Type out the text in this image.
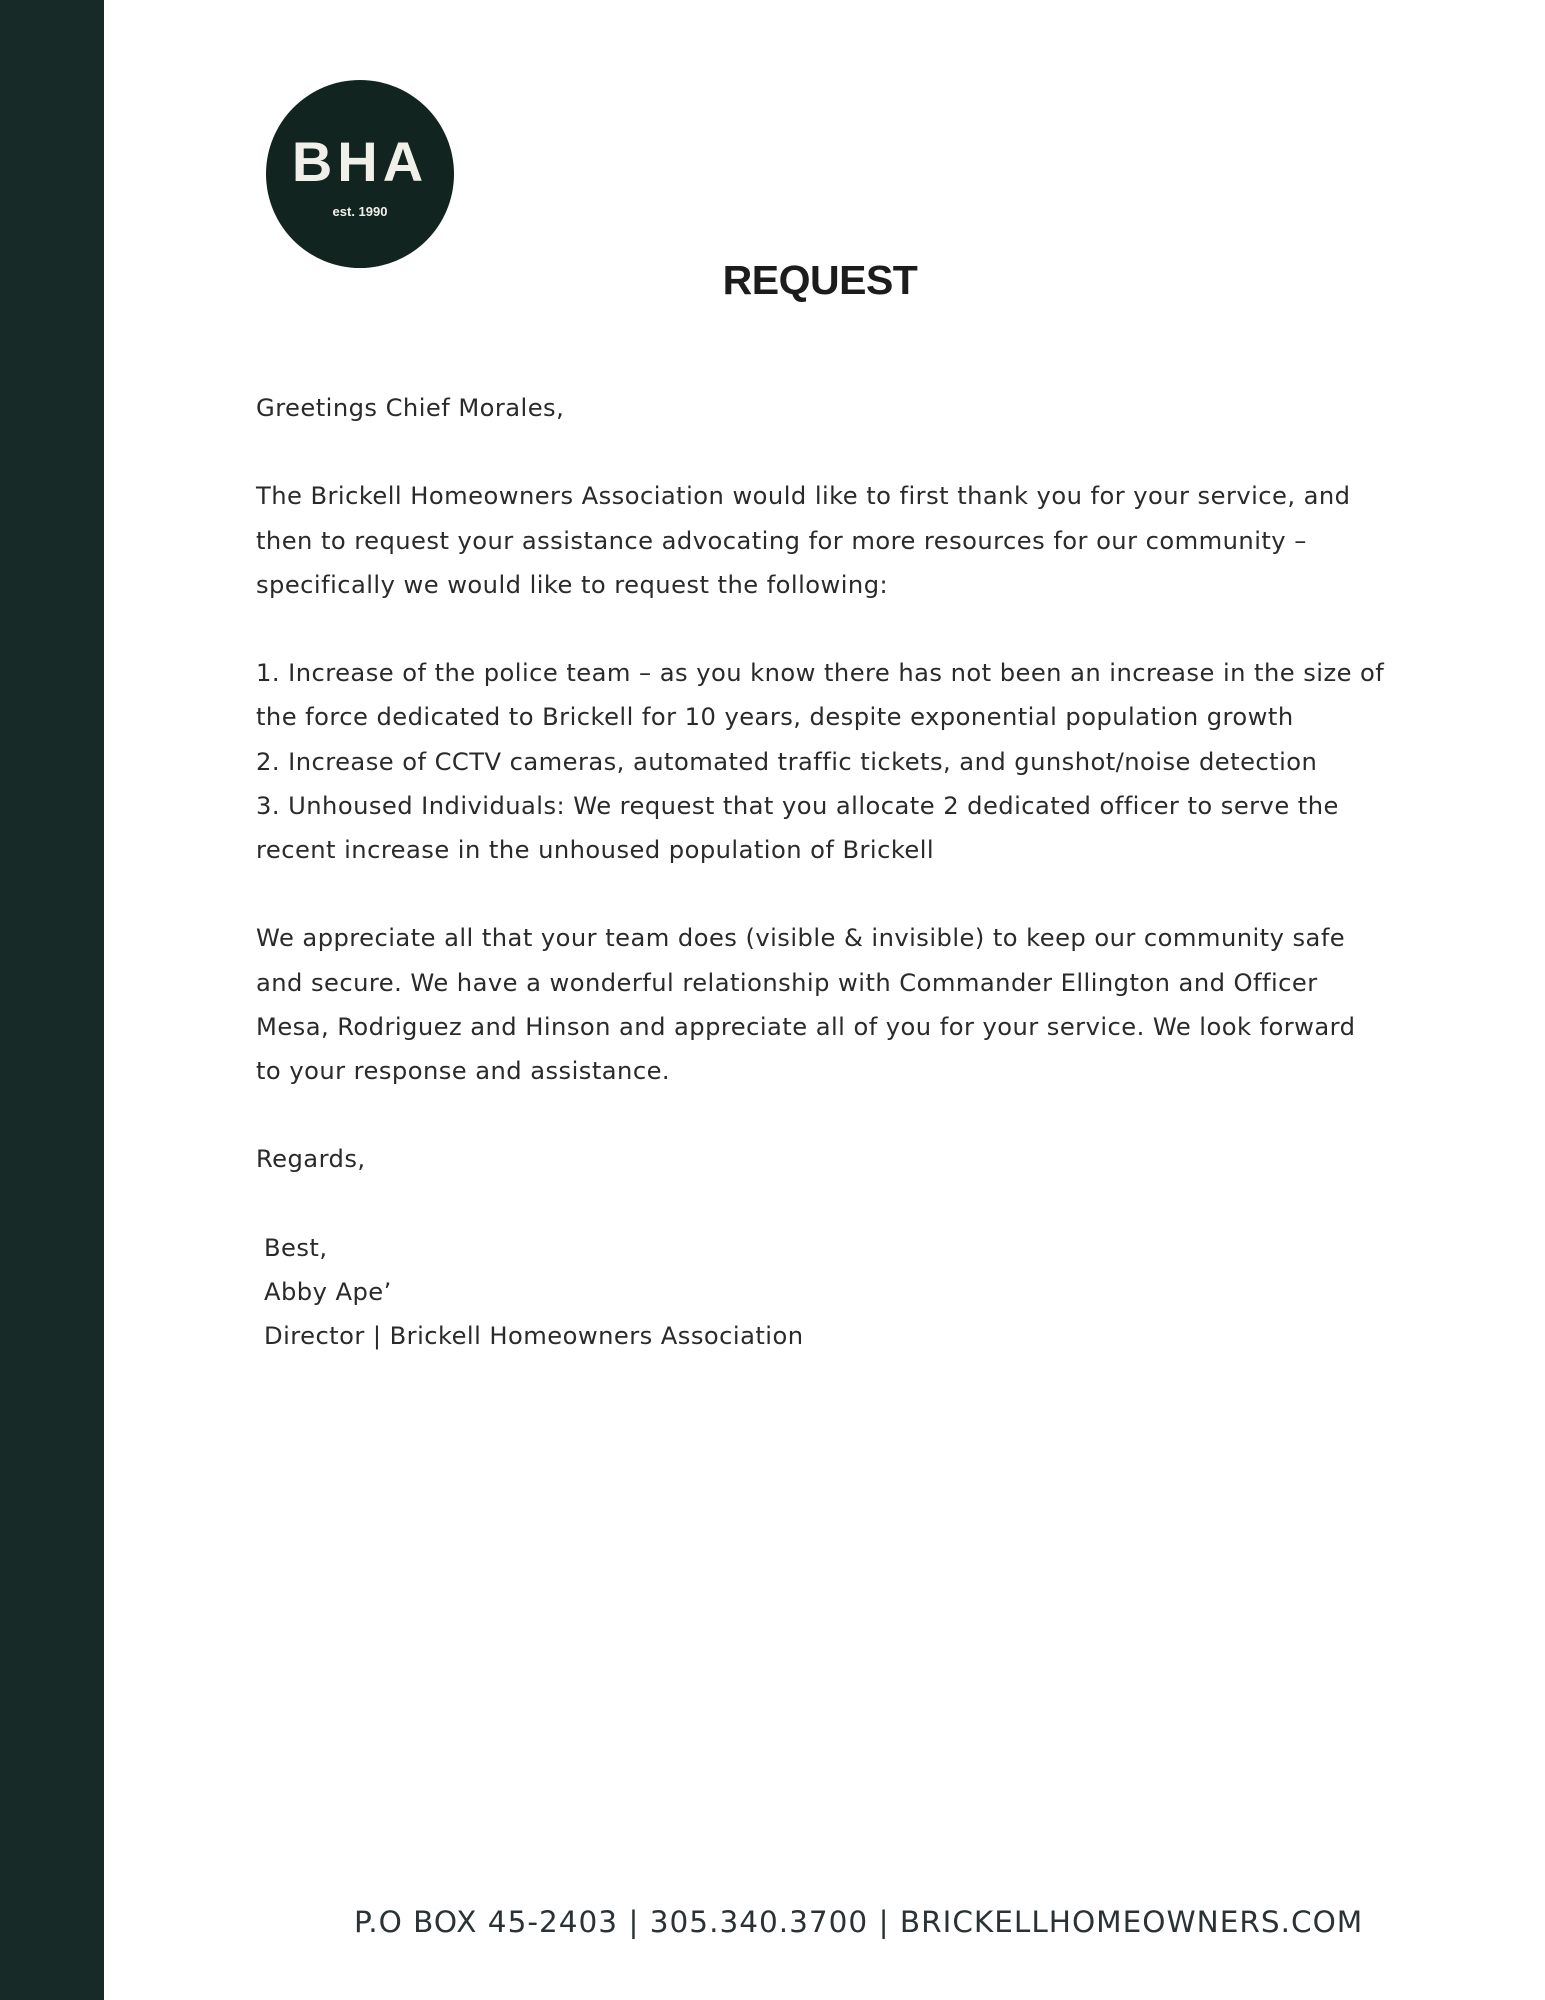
BHA
est. 1990
REQUEST
Greetings Chief Morales,
The Brickell Homeowners Association would like to first thank you for your service, and
then to request your assistance advocating for more resources for our community –
specifically we would like to request the following:
1. Increase of the police team – as you know there has not been an increase in the size of
the force dedicated to Brickell for 10 years, despite exponential population growth
2. Increase of CCTV cameras, automated traffic tickets, and gunshot/noise detection
3. Unhoused Individuals: We request that you allocate 2 dedicated officer to serve the
recent increase in the unhoused population of Brickell
We appreciate all that your team does (visible & invisible) to keep our community safe
and secure. We have a wonderful relationship with Commander Ellington and Officer
Mesa, Rodriguez and Hinson and appreciate all of you for your service. We look forward
to your response and assistance.
Regards,
Best,
Abby Ape’
Director | Brickell Homeowners Association
P.O BOX 45-2403 | 305.340.3700 | BRICKELLHOMEOWNERS.COM
